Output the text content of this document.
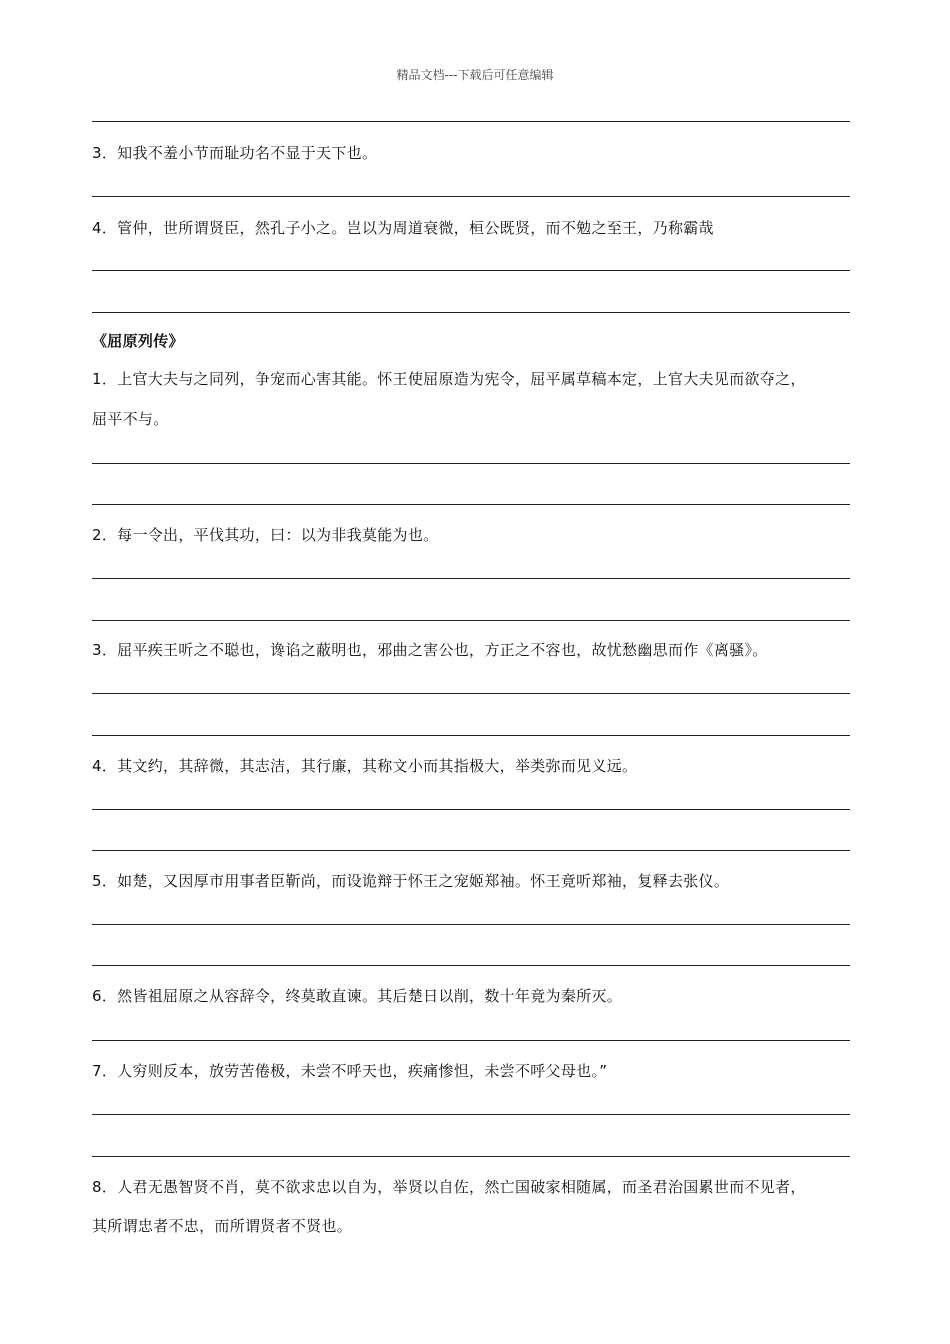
精品文档---下载后可任意编辑
3．知我不羞小节而耻功名不显于天下也。
4．管仲，世所谓贤臣，然孔子小之。岂以为周道衰微，桓公既贤，而不勉之至王，乃称霸哉
《屈原列传》
1．上官大夫与之同列，争宠而心害其能。怀王使屈原造为宪令，屈平属草稿本定，上官大夫见而欲夺之，
屈平不与。
2．每一令出，平伐其功，曰：以为非我莫能为也。
3．屈平疾王听之不聪也，谗谄之蔽明也，邪曲之害公也，方正之不容也，故忧愁幽思而作《离骚》。
4．其文约，其辞微，其志洁，其行廉，其称文小而其指极大，举类弥而见义远。
5．如楚，又因厚市用事者臣靳尚，而设诡辩于怀王之宠姬郑袖。怀王竟听郑袖，复释去张仪。
6．然皆祖屈原之从容辞令，终莫敢直谏。其后楚日以削，数十年竟为秦所灭。
7．人穷则反本，放劳苦倦极，未尝不呼天也，疾痛惨怛，未尝不呼父母也。”
8．人君无愚智贤不肖，莫不欲求忠以自为，举贤以自佐，然亡国破家相随属，而圣君治国累世而不见者，
其所谓忠者不忠，而所谓贤者不贤也。
